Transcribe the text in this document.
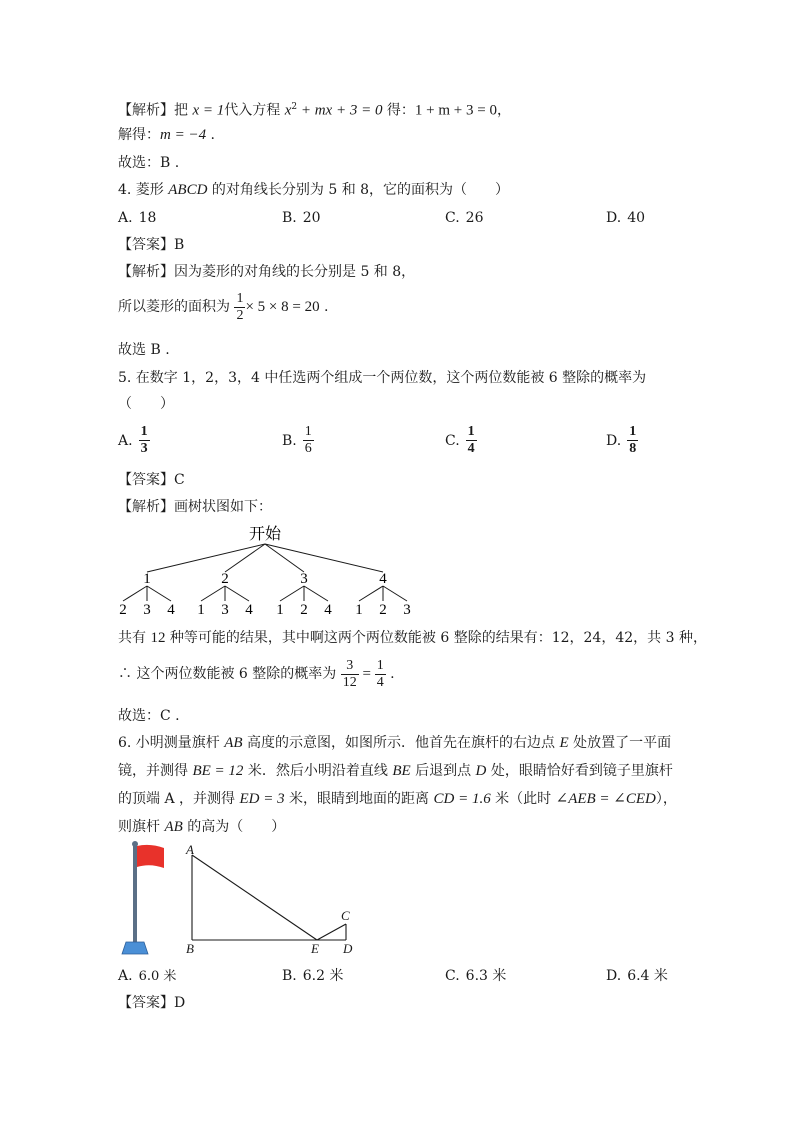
【解析】把 x = 1代入方程 $x^2$ + mx + 3 = 0 得：1 + m + 3 = 0，
解得：m = −4 .
故选：B .
4. 菱形 ABCD 的对角线长分别为 5 和 8，它的面积为（　　）
A. 18	B. 20	C. 26	D. 40
【答案】B
【解析】因为菱形的对角线的长分别是 5 和 8，
所以菱形的面积为 $\frac{1}{2} \times 5 \times 8 = 20$ .
故选 B .
5. 在数字 1，2，3，4 中任选两个组成一个两位数，这个两位数能被 6 整除的概率为
（　　）
A. $\frac{1}{3}$	B. $\frac{1}{6}$	C. $\frac{1}{4}$	D. $\frac{1}{8}$
【答案】C
【解析】画树状图如下：
开始
1
2 3 4
2
1 3 4
3
1 2 4
4
1 2 3
共有 12 种等可能的结果，其中啊这两个两位数能被 6 整除的结果有：12，24，42，共 3 种，
∴ 这个两位数能被 6 整除的概率为 $\frac{3}{12} = \frac{1}{4}$ .
故选：C .
6. 小明测量旗杆 AB 高度的示意图，如图所示．他首先在旗杆的右边点 E 处放置了一平面
镜，并测得 BE = 12 米．然后小明沿着直线 BE 后退到点 D 处，眼睛恰好看到镜子里旗杆
的顶端 A ，并测得 ED = 3 米，眼睛到地面的距离 CD = 1.6 米（此时 ∠AEB = ∠CED），
则旗杆 AB 的高为（　　）
A
B
C
D
E
A. 6.0 米	B. 6.2 米	C. 6.3 米	D. 6.4 米
【答案】D
